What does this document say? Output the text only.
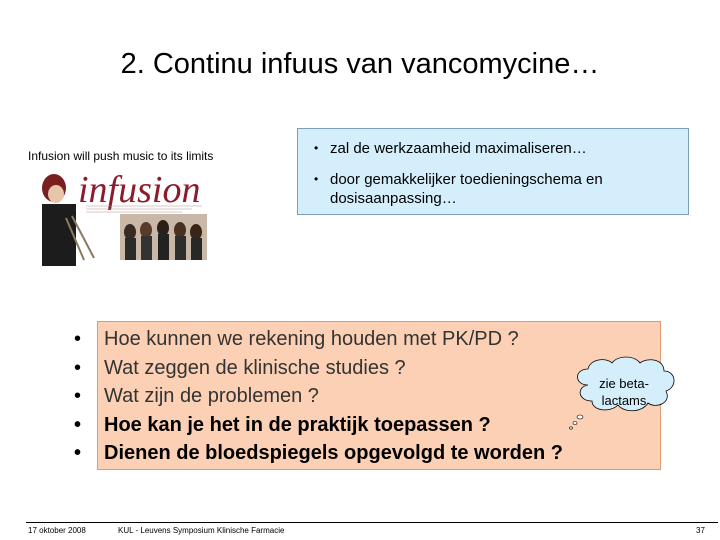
2. Continu infuus van vancomycine…
Infusion will push music to its limits
infusion
• zal de werkzaamheid maximaliseren…
• door gemakkelijker toedieningschema en dosisaanpassing…
• Hoe kunnen we rekening houden met PK/PD ?
• Wat zeggen de klinische studies ?
• Wat zijn de problemen ?
• Hoe kan je het in de praktijk toepassen ?
• Dienen de bloedspiegels opgevolgd te worden ?
zie beta-
lactams
17 oktober 2008	KUL - Leuvens Symposium Klinische Farmacie	37
